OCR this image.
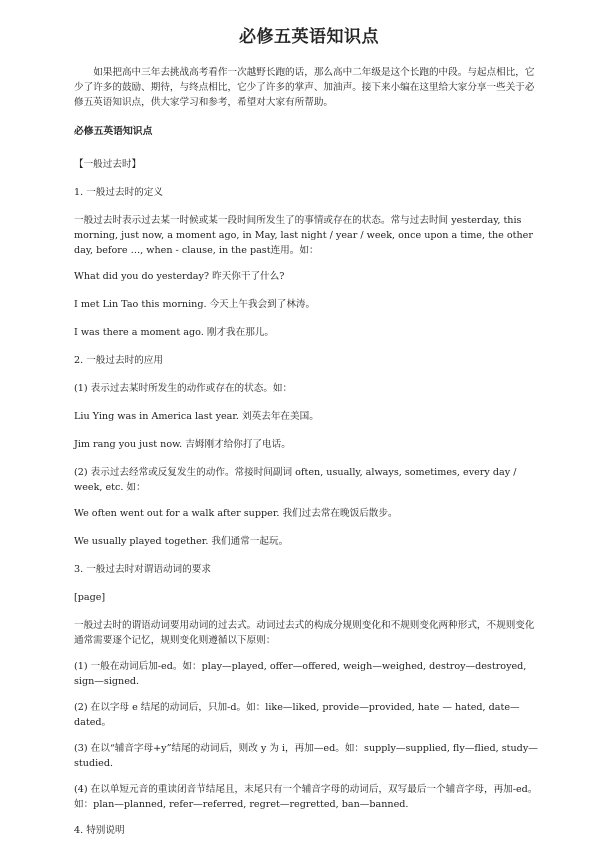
必修五英语知识点

如果把高中三年去挑战高考看作一次越野长跑的话，那么高中二年级是这个长跑的中段。与起点相比，它少了许多的鼓励、期待，与终点相比，它少了许多的掌声、加油声。接下来小编在这里给大家分享一些关于必修五英语知识点，供大家学习和参考，希望对大家有所帮助。

必修五英语知识点

【一般过去时】

1. 一般过去时的定义

一般过去时表示过去某一时候或某一段时间所发生了的事情或存在的状态。常与过去时间 yesterday, this morning, just now, a moment ago, in May, last night / year / week, once upon a time, the other day, before …, when - clause, in the past连用。如：

What did you do yesterday? 昨天你干了什么?

I met Lin Tao this morning. 今天上午我会到了林涛。

I was there a moment ago. 刚才我在那儿。

2. 一般过去时的应用

(1) 表示过去某时所发生的动作或存在的状态。如：

Liu Ying was in America last year. 刘英去年在美国。

Jim rang you just now. 吉姆刚才给你打了电话。

(2) 表示过去经常或反复发生的动作。常接时间副词 often, usually, always, sometimes, every day / week, etc. 如：

We often went out for a walk after supper. 我们过去常在晚饭后散步。

We usually played together. 我们通常一起玩。

3. 一般过去时对谓语动词的要求

[page]

一般过去时的谓语动词要用动词的过去式。动词过去式的构成分规则变化和不规则变化两种形式，不规则变化通常需要逐个记忆，规则变化则遵循以下原则：

(1) 一般在动词后加-ed。如：play—played, offer—offered, weigh—weighed, destroy—destroyed, sign—signed.

(2) 在以字母 e 结尾的动词后，只加-d。如：like—liked, provide—provided, hate — hated, date—dated。

(3) 在以“辅音字母+y”结尾的动词后，则改 y 为 i，再加—ed。如：supply—supplied, fly—flied, study— studied.

(4) 在以单短元音的重读闭音节结尾且，末尾只有一个辅音字母的动词后，双写最后一个辅音字母，再加-ed。如：plan—planned, refer—referred, regret—regretted, ban—banned.

4. 特别说明
